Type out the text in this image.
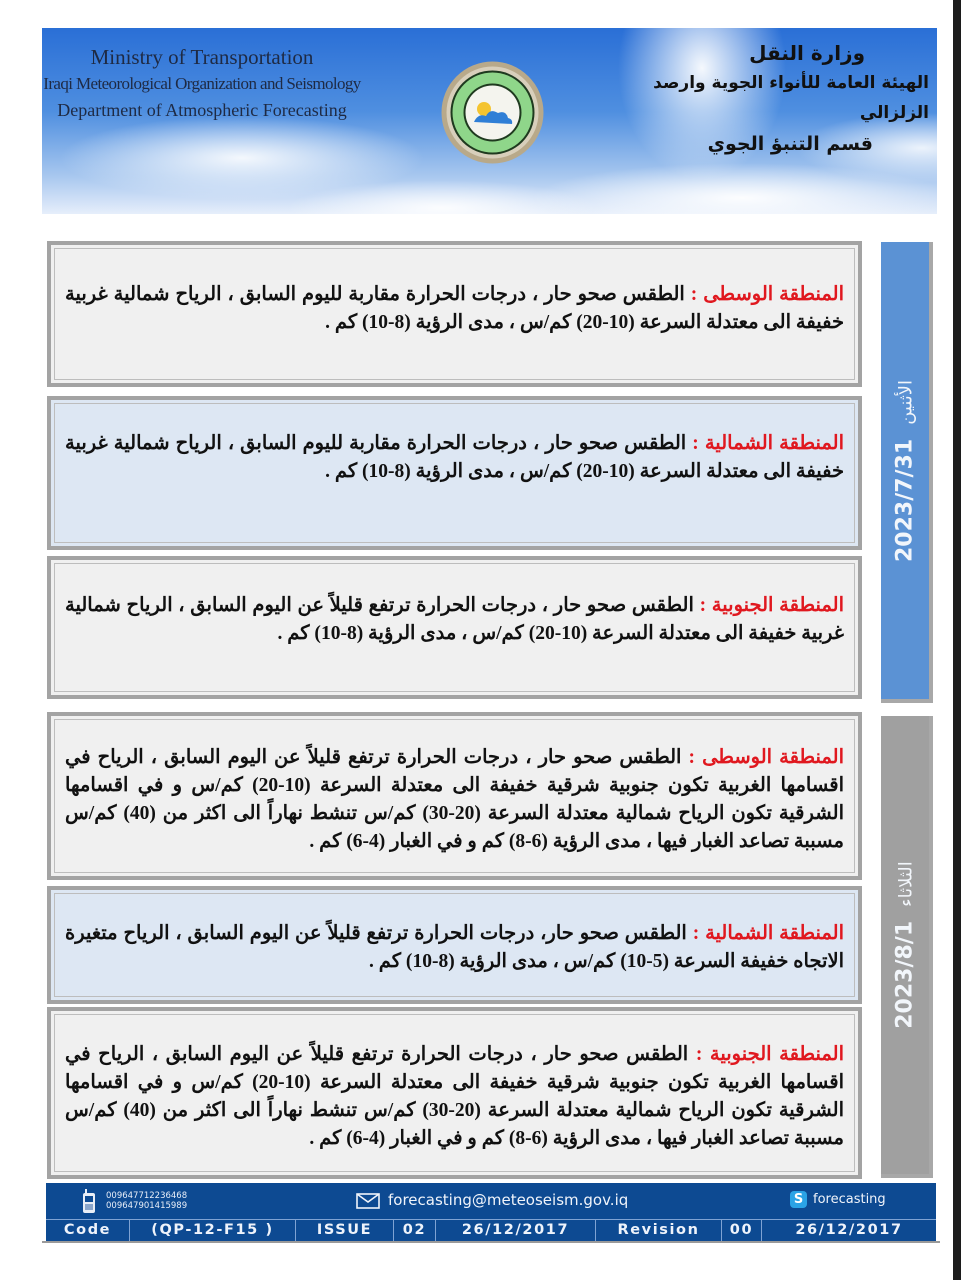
Ministry of Transportation
Iraqi Meteorological Organization and Seismology
Department of Atmospheric Forecasting
وزارة النقل
الهيئة العامة للأنواء الجوية وارصد الزلزالي
قسم التنبؤ الجوي
المنطقة الوسطى : الطقس صحو حار ، درجات الحرارة مقاربة لليوم السابق ، الرياح شمالية غربية خفيفة الى معتدلة السرعة (10-20) كم/س ، مدى الرؤية (8-10) كم .
المنطقة الشمالية : الطقس صحو حار ، درجات الحرارة مقاربة لليوم السابق ، الرياح شمالية غربية خفيفة الى معتدلة السرعة (10-20) كم/س ، مدى الرؤية (8-10) كم .
المنطقة الجنوبية : الطقس صحو حار ، درجات الحرارة ترتفع قليلاً عن اليوم السابق ، الرياح شمالية غربية خفيفة الى معتدلة السرعة (10-20) كم/س ، مدى الرؤية (8-10) كم .
2023/7/31الأثنين
المنطقة الوسطى : الطقس صحو حار ، درجات الحرارة ترتفع قليلاً عن اليوم السابق ، الرياح في اقسامها الغربية تكون جنوبية شرقية خفيفة الى معتدلة السرعة (10-20) كم/س و في اقسامها الشرقية تكون الرياح شمالية معتدلة السرعة (20-30) كم/س تنشط نهاراً الى اكثر من (40) كم/س مسببة تصاعد الغبار فيها ، مدى الرؤية (6-8) كم و في الغبار (4-6) كم .
المنطقة الشمالية : الطقس صحو حار، درجات الحرارة ترتفع قليلاً عن اليوم السابق ، الرياح متغيرة الاتجاه خفيفة السرعة (5-10) كم/س ، مدى الرؤية (8-10) كم .
المنطقة الجنوبية : الطقس صحو حار ، درجات الحرارة ترتفع قليلاً عن اليوم السابق ، الرياح في اقسامها الغربية تكون جنوبية شرقية خفيفة الى معتدلة السرعة (10-20) كم/س و في اقسامها الشرقية تكون الرياح شمالية معتدلة السرعة (20-30) كم/س تنشط نهاراً الى اكثر من (40) كم/س مسببة تصاعد الغبار فيها ، مدى الرؤية (6-8) كم و في الغبار (4-6) كم .
2023/8/1الثلاثاء
009647712236468
009647901415989	forecasting@meteoseism.gov.iq	S forecasting
Code	(QP-12-F15 )	ISSUE	02	26/12/2017	Revision	00	26/12/2017
